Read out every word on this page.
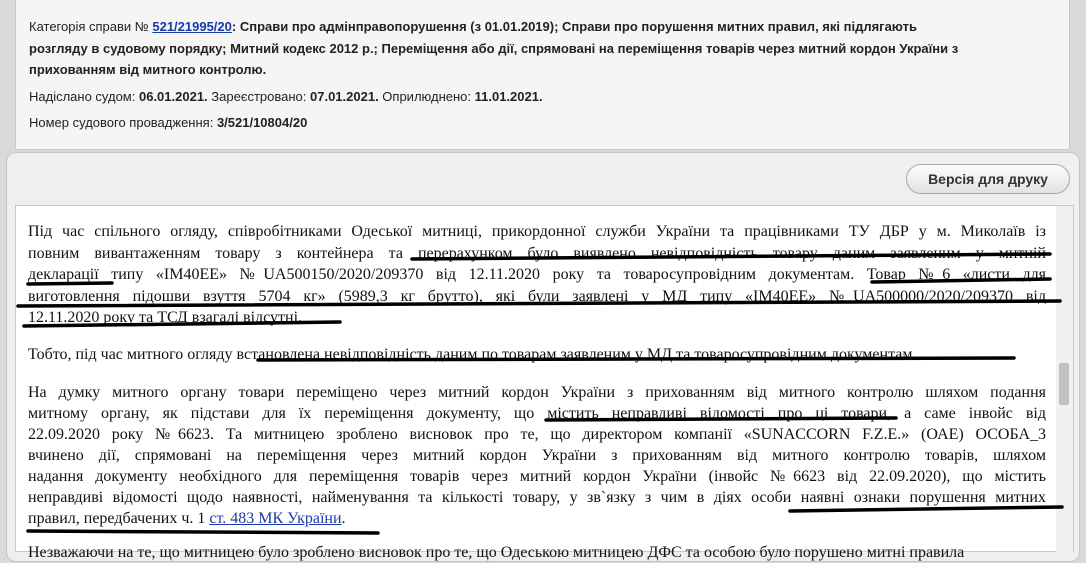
Категорія справи № 521/21995/20: Справи про адмінправопорушення (з 01.01.2019); Справи про порушення митних правил, які підлягають
розгляду в судовому порядку; Митний кодекс 2012 р.; Переміщення або дії, спрямовані на переміщення товарів через митний кордон України з
прихованням від митного контролю.
Надіслано судом: 06.01.2021. Зареєстровано: 07.01.2021. Оприлюднено: 11.01.2021.
Номер судового провадження: 3/521/10804/20
Версія для друку
Під час спільного огляду, співробітниками Одеської митниці, прикордонної служби України та працівниками ТУ ДБР у м. Миколаїв із
повним вивантаженням товару з контейнера та перерахунком було виявлено невідповідність товару даним заявленим у митній
декларації типу «IM40EE» №UA500150/2020/209370 від 12.11.2020 року та товаросупровідним документам. Товар №6 «листи для
виготовлення підошви взуття 5704 кг» (5989,3 кг брутто), які були заявлені у МД типу «IM40EE» №UA500000/2020/209370 від
12.11.2020 року та ТСД взагалі відсутні.
Тобто, під час митного огляду встановлена невідповідність даним по товарам заявленим у МД та товаросупровідним документам.
На думку митного органу товари переміщено через митний кордон України з прихованням від митного контролю шляхом подання
митному органу, як підстави для їх переміщення документу, що містить неправдиві відомості про ці товари, а саме інвойс від
22.09.2020 року №6623. Та митницею зроблено висновок про те, що директором компанії «SUNACCORN F.Z.E.» (ОАЕ) ОСОБА_3
вчинено дії, спрямовані на переміщення через митний кордон України з прихованням від митного контролю товарів, шляхом
надання документу необхідного для переміщення товарів через митний кордон України (інвойс №6623 від 22.09.2020), що містить
неправдиві відомості щодо наявності, найменування та кількості товару, у зв`язку з чим в діях особи наявні ознаки порушення митних
правил, передбачених ч. 1 ст. 483 МК України.
Незважаючи на те, що митницею було зроблено висновок про те, що Одеською митницею ДФС та особою було порушено митні правила
